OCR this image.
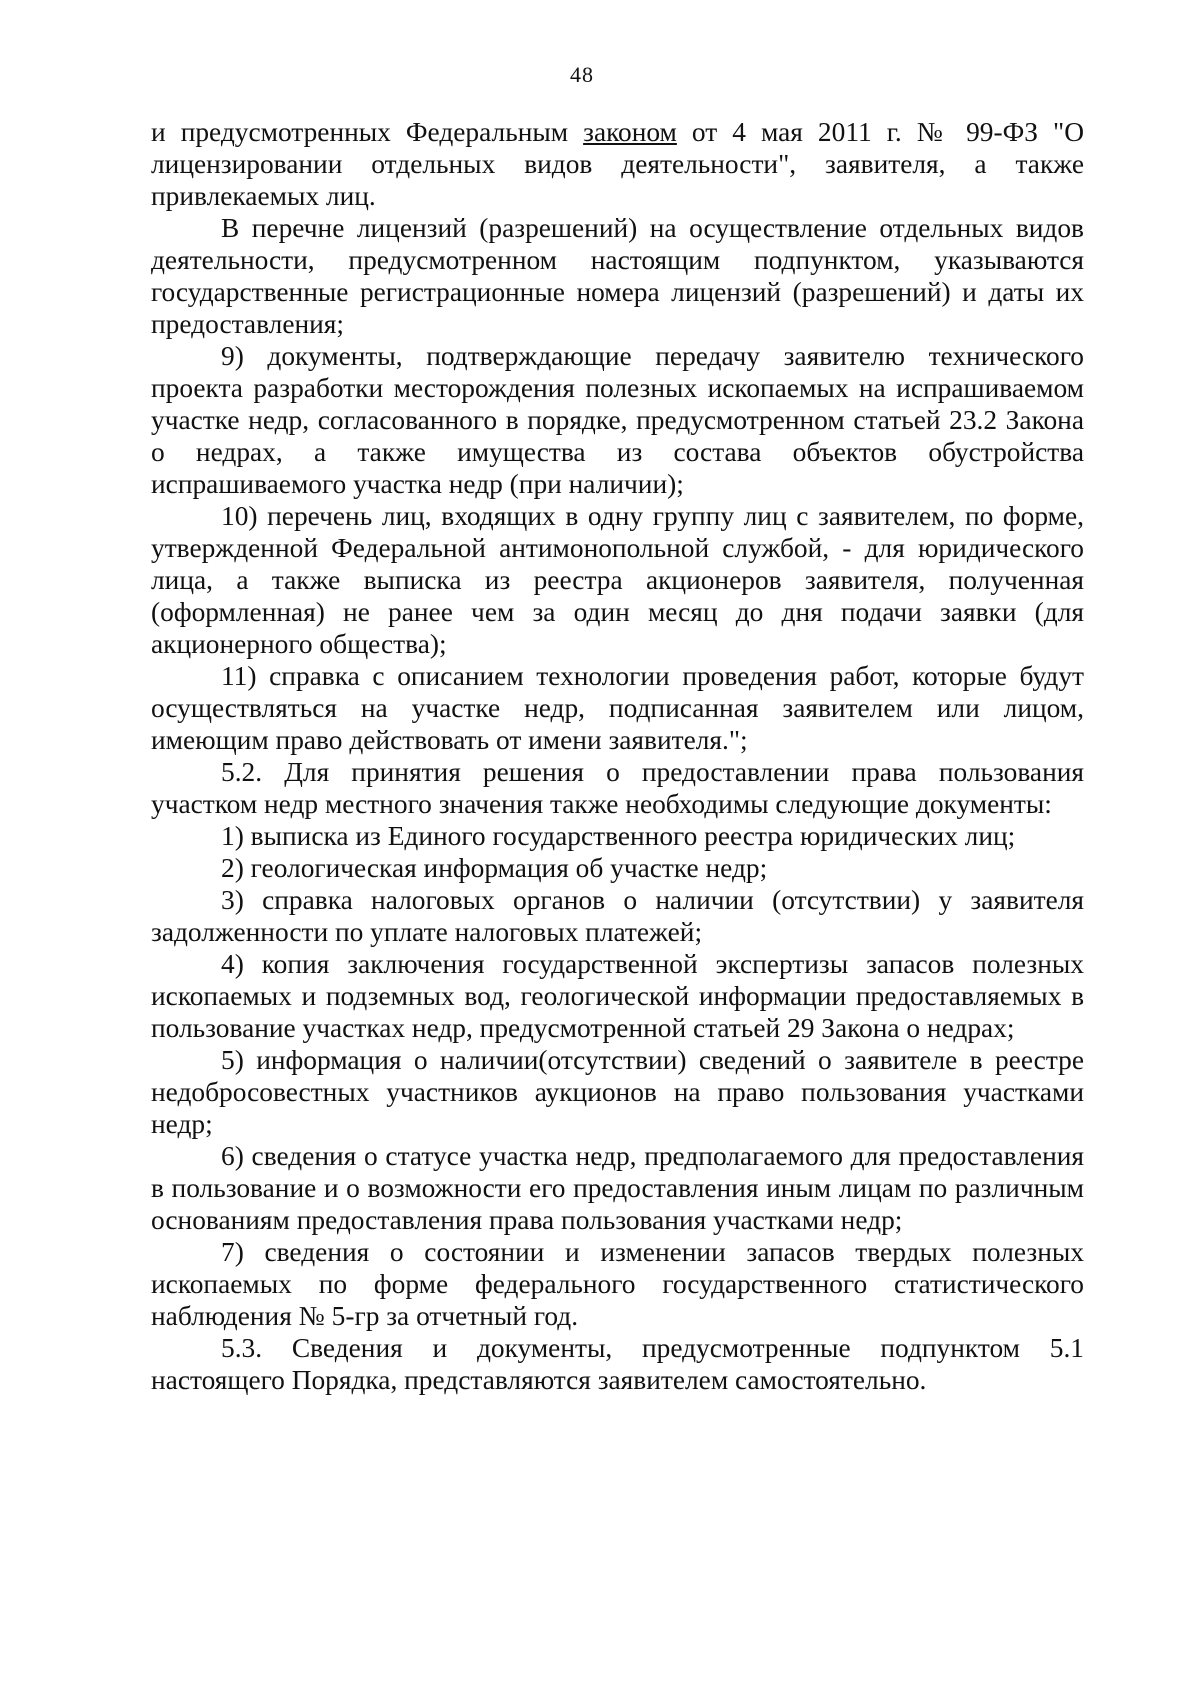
48

и предусмотренных Федеральным законом от 4 мая 2011 г. № 99-ФЗ "О лицензировании отдельных видов деятельности", заявителя, а также привлекаемых лиц.

В перечне лицензий (разрешений) на осуществление отдельных видов деятельности, предусмотренном настоящим подпунктом, указываются государственные регистрационные номера лицензий (разрешений) и даты их предоставления;

9) документы, подтверждающие передачу заявителю технического проекта разработки месторождения полезных ископаемых на испрашиваемом участке недр, согласованного в порядке, предусмотренном статьей 23.2 Закона о недрах, а также имущества из состава объектов обустройства испрашиваемого участка недр (при наличии);

10) перечень лиц, входящих в одну группу лиц с заявителем, по форме, утвержденной Федеральной антимонопольной службой, - для юридического лица, а также выписка из реестра акционеров заявителя, полученная (оформленная) не ранее чем за один месяц до дня подачи заявки (для акционерного общества);

11) справка с описанием технологии проведения работ, которые будут осуществляться на участке недр, подписанная заявителем или лицом, имеющим право действовать от имени заявителя.";

5.2. Для принятия решения о предоставлении права пользования участком недр местного значения также необходимы следующие документы:

1) выписка из Единого государственного реестра юридических лиц;

2) геологическая информация об участке недр;

3) справка налоговых органов о наличии (отсутствии) у заявителя задолженности по уплате налоговых платежей;

4) копия заключения государственной экспертизы запасов полезных ископаемых и подземных вод, геологической информации предоставляемых в пользование участках недр, предусмотренной статьей 29 Закона о недрах;

5) информация о наличии(отсутствии) сведений о заявителе в реестре недобросовестных участников аукционов на право пользования участками недр;

6) сведения о статусе участка недр, предполагаемого для предоставления в пользование и о возможности его предоставления иным лицам по различным основаниям предоставления права пользования участками недр;

7) сведения о состоянии и изменении запасов твердых полезных ископаемых по форме федерального государственного статистического наблюдения № 5-гр за отчетный год.

5.3. Сведения и документы, предусмотренные подпунктом 5.1 настоящего Порядка, представляются заявителем самостоятельно.
